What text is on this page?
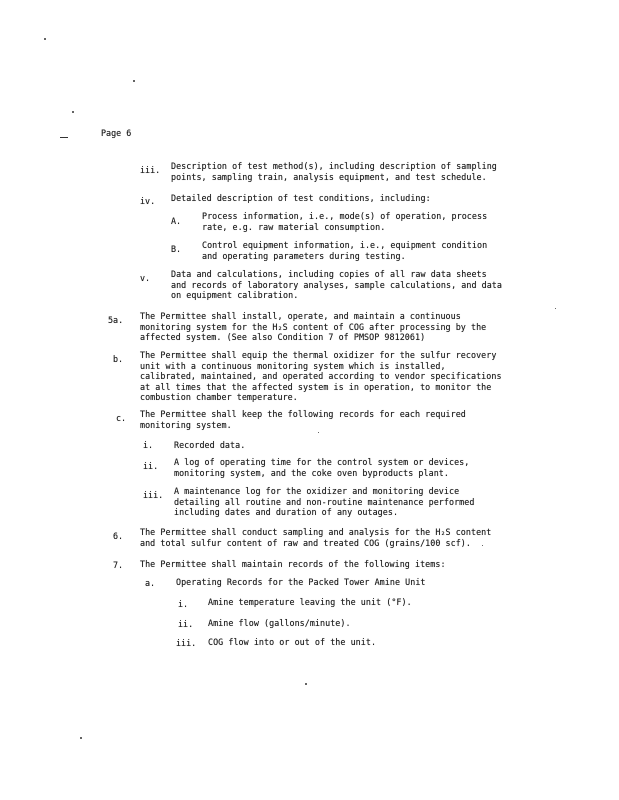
Page 6
iii. Description of test method(s), including description of sampling
points, sampling train, analysis equipment, and test schedule.
iv. Detailed description of test conditions, including:
A. Process information, i.e., mode(s) of operation, process
rate, e.g. raw material consumption.
B. Control equipment information, i.e., equipment condition
and operating parameters during testing.
v. Data and calculations, including copies of all raw data sheets
and records of laboratory analyses, sample calculations, and data
on equipment calibration.
5a. The Permittee shall install, operate, and maintain a continuous
monitoring system for the H₂S content of COG after processing by the
affected system. (See also Condition 7 of PMSOP 9812061)
b. The Permittee shall equip the thermal oxidizer for the sulfur recovery
unit with a continuous monitoring system which is installed,
calibrated, maintained, and operated according to vendor specifications
at all times that the affected system is in operation, to monitor the
combustion chamber temperature.
c. The Permittee shall keep the following records for each required
monitoring system.
i. Recorded data.
ii. A log of operating time for the control system or devices,
monitoring system, and the coke oven byproducts plant.
iii. A maintenance log for the oxidizer and monitoring device
detailing all routine and non-routine maintenance performed
including dates and duration of any outages.
6. The Permittee shall conduct sampling and analysis for the H₂S content
and total sulfur content of raw and treated COG (grains/100 scf).
7. The Permittee shall maintain records of the following items:
a. Operating Records for the Packed Tower Amine Unit
i. Amine temperature leaving the unit (°F).
ii. Amine flow (gallons/minute).
iii. COG flow into or out of the unit.
